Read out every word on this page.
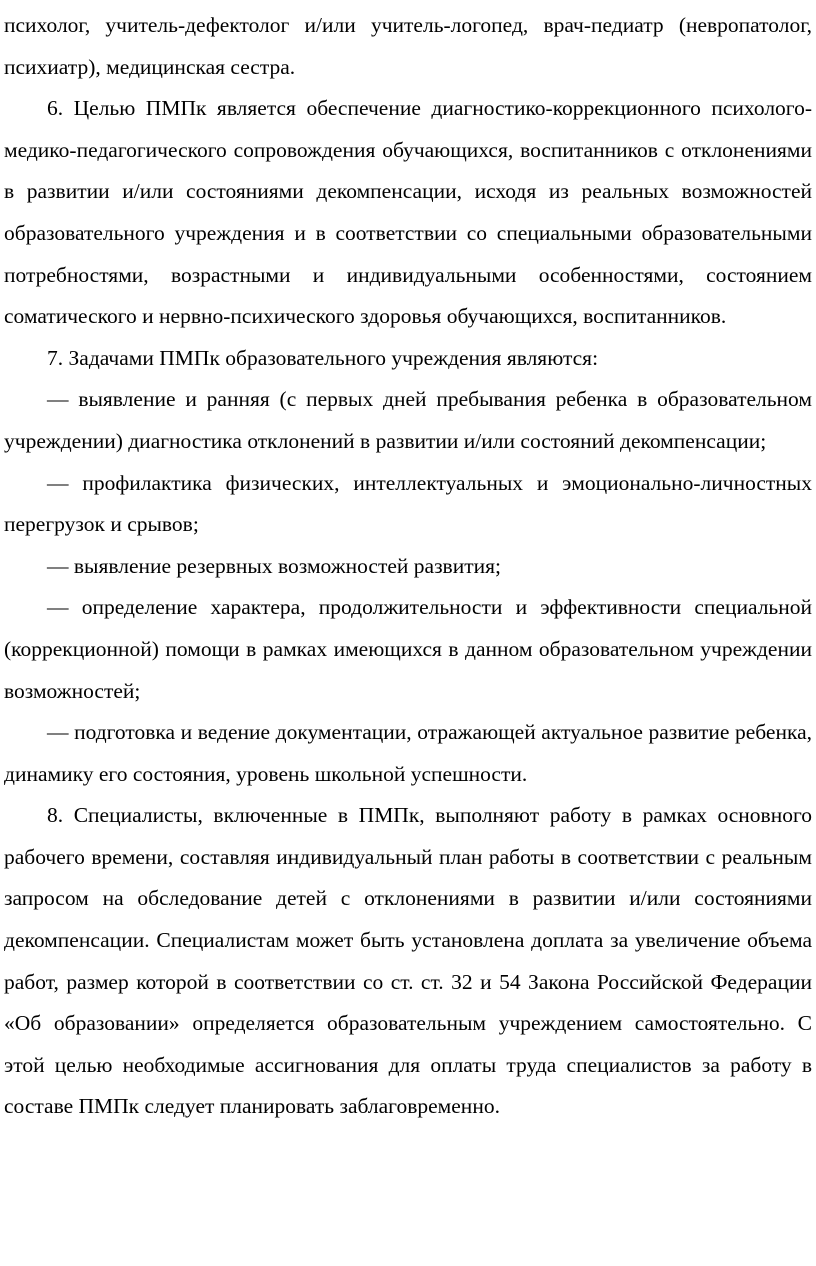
психолог, учитель-дефектолог и/или учитель-логопед, врач-педиатр (невропатолог, психиатр), медицинская сестра.

6. Целью ПМПк является обеспечение диагностико-коррекционного психолого-медико-педагогического сопровождения обучающихся, воспитанников с отклонениями в развитии и/или состояниями декомпенсации, исходя из реальных возможностей образовательного учреждения и в соответствии со специальными образовательными потребностями, возрастными и индивидуальными особенностями, состоянием соматического и нервно-психического здоровья обучающихся, воспитанников.

7. Задачами ПМПк образовательного учреждения являются:

— выявление и ранняя (с первых дней пребывания ребенка в образовательном учреждении) диагностика отклонений в развитии и/или состояний декомпенсации;

— профилактика физических, интеллектуальных и эмоционально-личностных перегрузок и срывов;

— выявление резервных возможностей развития;

— определение характера, продолжительности и эффективности специальной (коррекционной) помощи в рамках имеющихся в данном образовательном учреждении возможностей;

— подготовка и ведение документации, отражающей актуальное развитие ребенка, динамику его состояния, уровень школьной успешности.

8. Специалисты, включенные в ПМПк, выполняют работу в рамках основного рабочего времени, составляя индивидуальный план работы в соответствии с реальным запросом на обследование детей с отклонениями в развитии и/или состояниями декомпенсации. Специалистам может быть установлена доплата за увеличение объема работ, размер которой в соответствии со ст. ст. 32 и 54 Закона Российской Федерации «Об образовании» определяется образовательным учреждением самостоятельно. С этой целью необходимые ассигнования для оплаты труда специалистов за работу в составе ПМПк следует планировать заблаговременно.
